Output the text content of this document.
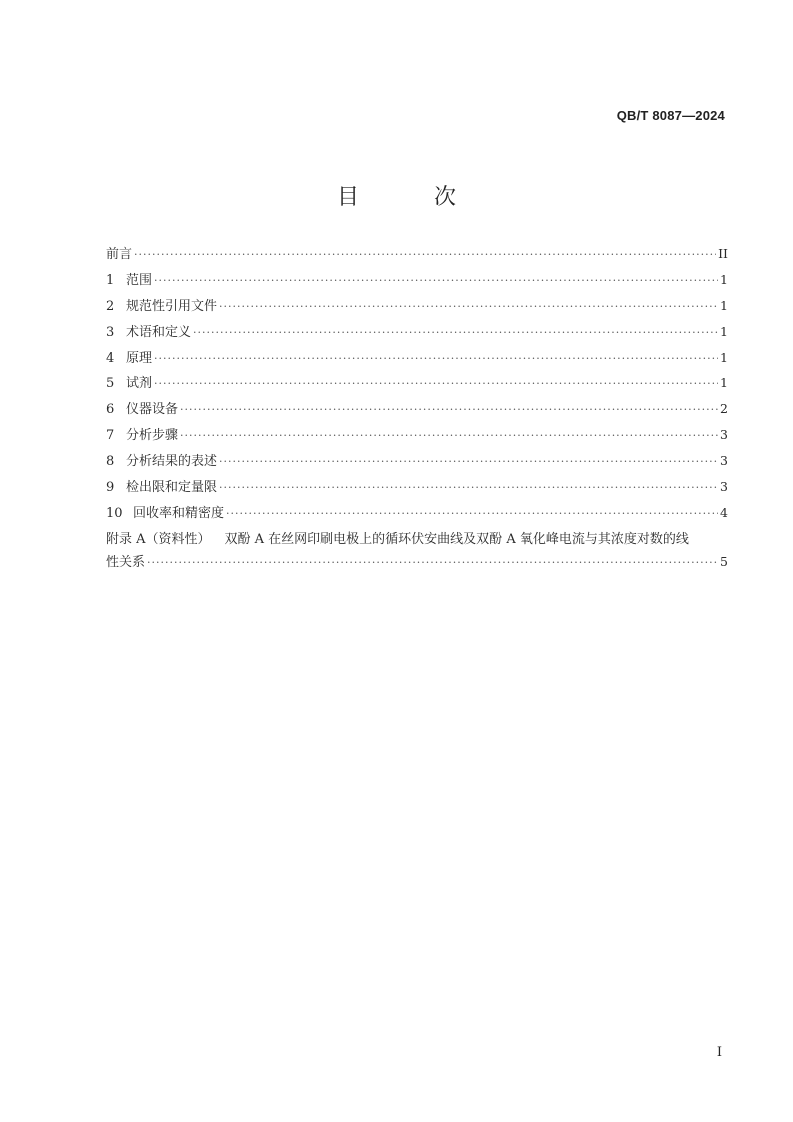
QB/T 8087—2024
目 次
前言 ·····	II
1 范围 ·····	1
2 规范性引用文件 ·····	1
3 术语和定义 ·····	1
4 原理 ·····	1
5 试剂 ·····	1
6 仪器设备 ·····	2
7 分析步骤 ·····	3
8 分析结果的表述 ·····	3
9 检出限和定量限 ·····	3
10 回收率和精密度 ·····	4
附录 A（资料性） 双酚 A 在丝网印刷电极上的循环伏安曲线及双酚 A 氧化峰电流与其浓度对数的线
性关系 ·····	5
I
